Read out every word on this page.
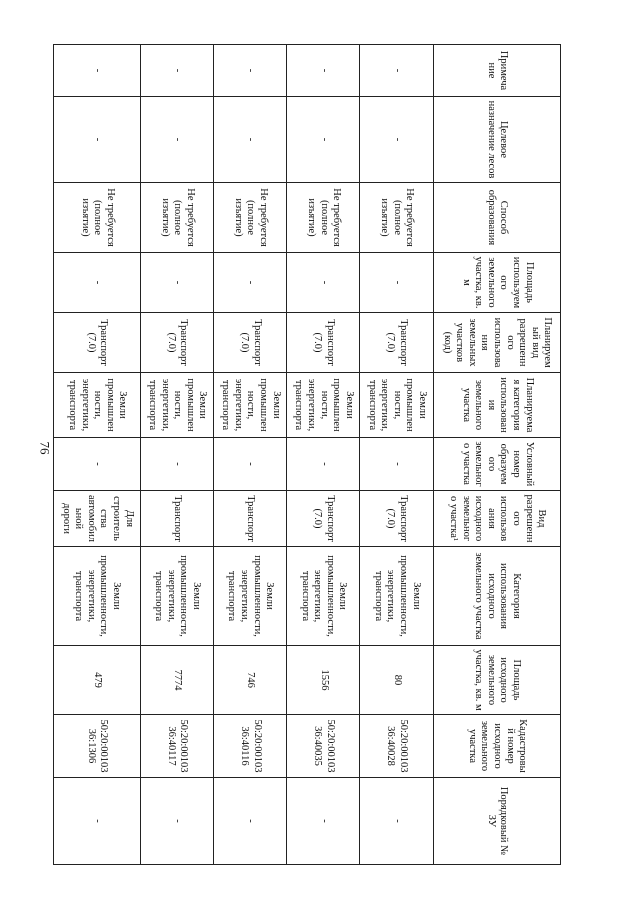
76
Примечание	Целевое назначение лесов	Способ образования	Площадь используемого земельного участка, кв. м	Планируемый вид разрешенного использования земельных участков (код)	Планируемая категория использования земельного участка	Условный номер образуемого земельного участка	Вид разрешенного использования исходного земельного участка¹	Категория использования исходного земельного участка	Площадь исходного земельного участка, кв. м	Кадастровый номер исходного земельного участка	Порядковый № ЗУ
-	-	Не требуется (полное изъятие)	-	Транспорт (7.0)	Земли промышленности, энергетики, транспорта	-	Транспорт (7.0)	Земли промышленности, энергетики, транспорта	80	50:20:0010336:40028	-
-	-	Не требуется (полное изъятие)	-	Транспорт (7.0)	Земли промышленности, энергетики, транспорта	-	Транспорт (7.0)	Земли промышленности, энергетики, транспорта	1556	50:20:0010336:40035	-
-	-	Не требуется (полное изъятие)	-	Транспорт (7.0)	Земли промышленности, энергетики, транспорта	-	Транспорт	Земли промышленности, энергетики, транспорта	746	50:20:0010336:40116	-
-	-	Не требуется (полное изъятие)	-	Транспорт (7.0)	Земли промышленности, энергетики, транспорта	-	Транспорт	Земли промышленности, энергетики, транспорта	7774	50:20:0010336:40117	-
-	-	Не требуется (полное изъятие)	-	Транспорт (7.0)	Земли промышленности, энергетики, транспорта	-	Для строительства автомобильной дороги	Земли промышленности, энергетики, транспорта	479	50:20:0010336:1306	-
